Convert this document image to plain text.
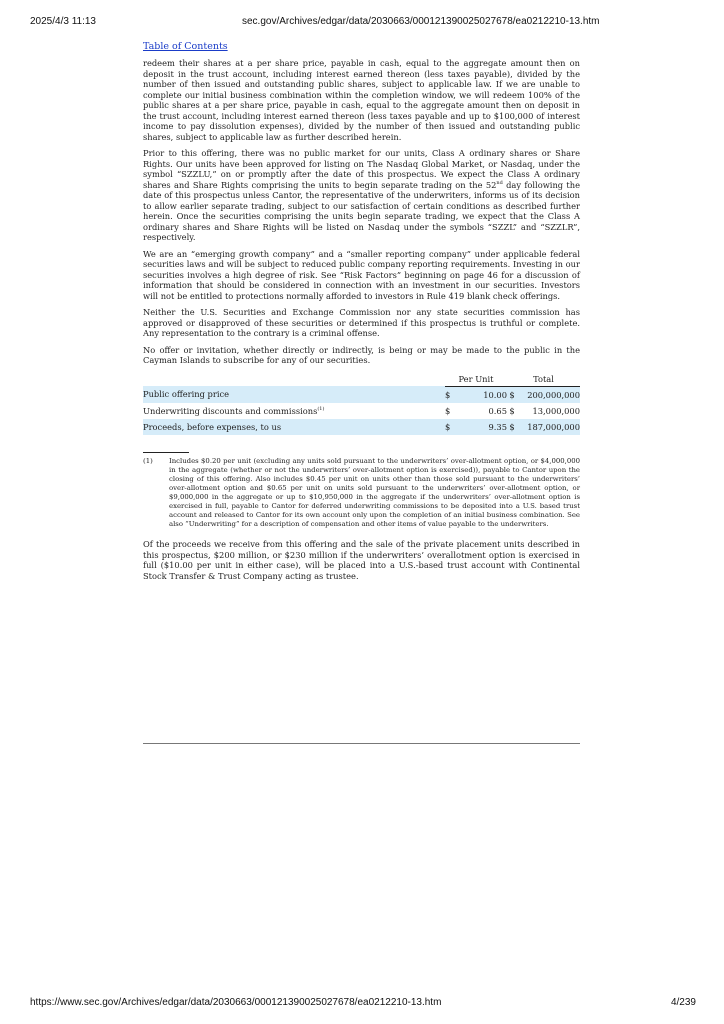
2025/4/3 11:13	sec.gov/Archives/edgar/data/2030663/000121390025027678/ea0212210-13.htm
Table of Contents

redeem their shares at a per share price, payable in cash, equal to the aggregate amount then on deposit in the trust account, including interest earned thereon (less taxes payable), divided by the number of then issued and outstanding public shares, subject to applicable law. If we are unable to complete our initial business combination within the completion window, we will redeem 100% of the public shares at a per share price, payable in cash, equal to the aggregate amount then on deposit in the trust account, including interest earned thereon (less taxes payable and up to $100,000 of interest income to pay dissolution expenses), divided by the number of then issued and outstanding public shares, subject to applicable law as further described herein.

Prior to this offering, there was no public market for our units, Class A ordinary shares or Share Rights. Our units have been approved for listing on The Nasdaq Global Market, or Nasdaq, under the symbol “SZZLU,” on or promptly after the date of this prospectus. We expect the Class A ordinary shares and Share Rights comprising the units to begin separate trading on the 52nd day following the date of this prospectus unless Cantor, the representative of the underwriters, informs us of its decision to allow earlier separate trading, subject to our satisfaction of certain conditions as described further herein. Once the securities comprising the units begin separate trading, we expect that the Class A ordinary shares and Share Rights will be listed on Nasdaq under the symbols “SZZL” and “SZZLR”, respectively.

We are an “emerging growth company” and a “smaller reporting company” under applicable federal securities laws and will be subject to reduced public company reporting requirements. Investing in our securities involves a high degree of risk. See “Risk Factors” beginning on page 46 for a discussion of information that should be considered in connection with an investment in our securities. Investors will not be entitled to protections normally afforded to investors in Rule 419 blank check offerings.

Neither the U.S. Securities and Exchange Commission nor any state securities commission has approved or disapproved of these securities or determined if this prospectus is truthful or complete. Any representation to the contrary is a criminal offense.

No offer or invitation, whether directly or indirectly, is being or may be made to the public in the Cayman Islands to subscribe for any of our securities.

	Per Unit		Total	
Public offering price	$	10.00	$	200,000,000
Underwriting discounts and commissions$^{(1)}$	$	0.65	$	13,000,000
Proceeds, before expenses, to us	$	9.35	$	187,000,000
(1)	Includes $0.20 per unit (excluding any units sold pursuant to the underwriters’ over-allotment option, or $4,000,000 in the aggregate (whether or not the underwriters’ over-allotment option is exercised)), payable to Cantor upon the closing of this offering. Also includes $0.45 per unit on units other than those sold pursuant to the underwriters’ over-allotment option and $0.65 per unit on units sold pursuant to the underwriters’ over-allotment option, or $9,000,000 in the aggregate or up to $10,950,000 in the aggregate if the underwriters’ over-allotment option is exercised in full, payable to Cantor for deferred underwriting commissions to be deposited into a U.S. based trust account and released to Cantor for its own account only upon the completion of an initial business combination. See also “Underwriting” for a description of compensation and other items of value payable to the underwriters.

Of the proceeds we receive from this offering and the sale of the private placement units described in this prospectus, $200 million, or $230 million if the underwriters’ overallotment option is exercised in full ($10.00 per unit in either case), will be placed into a U.S.-based trust account with Continental Stock Transfer & Trust Company acting as trustee.

https://www.sec.gov/Archives/edgar/data/2030663/000121390025027678/ea0212210-13.htm	4/239
